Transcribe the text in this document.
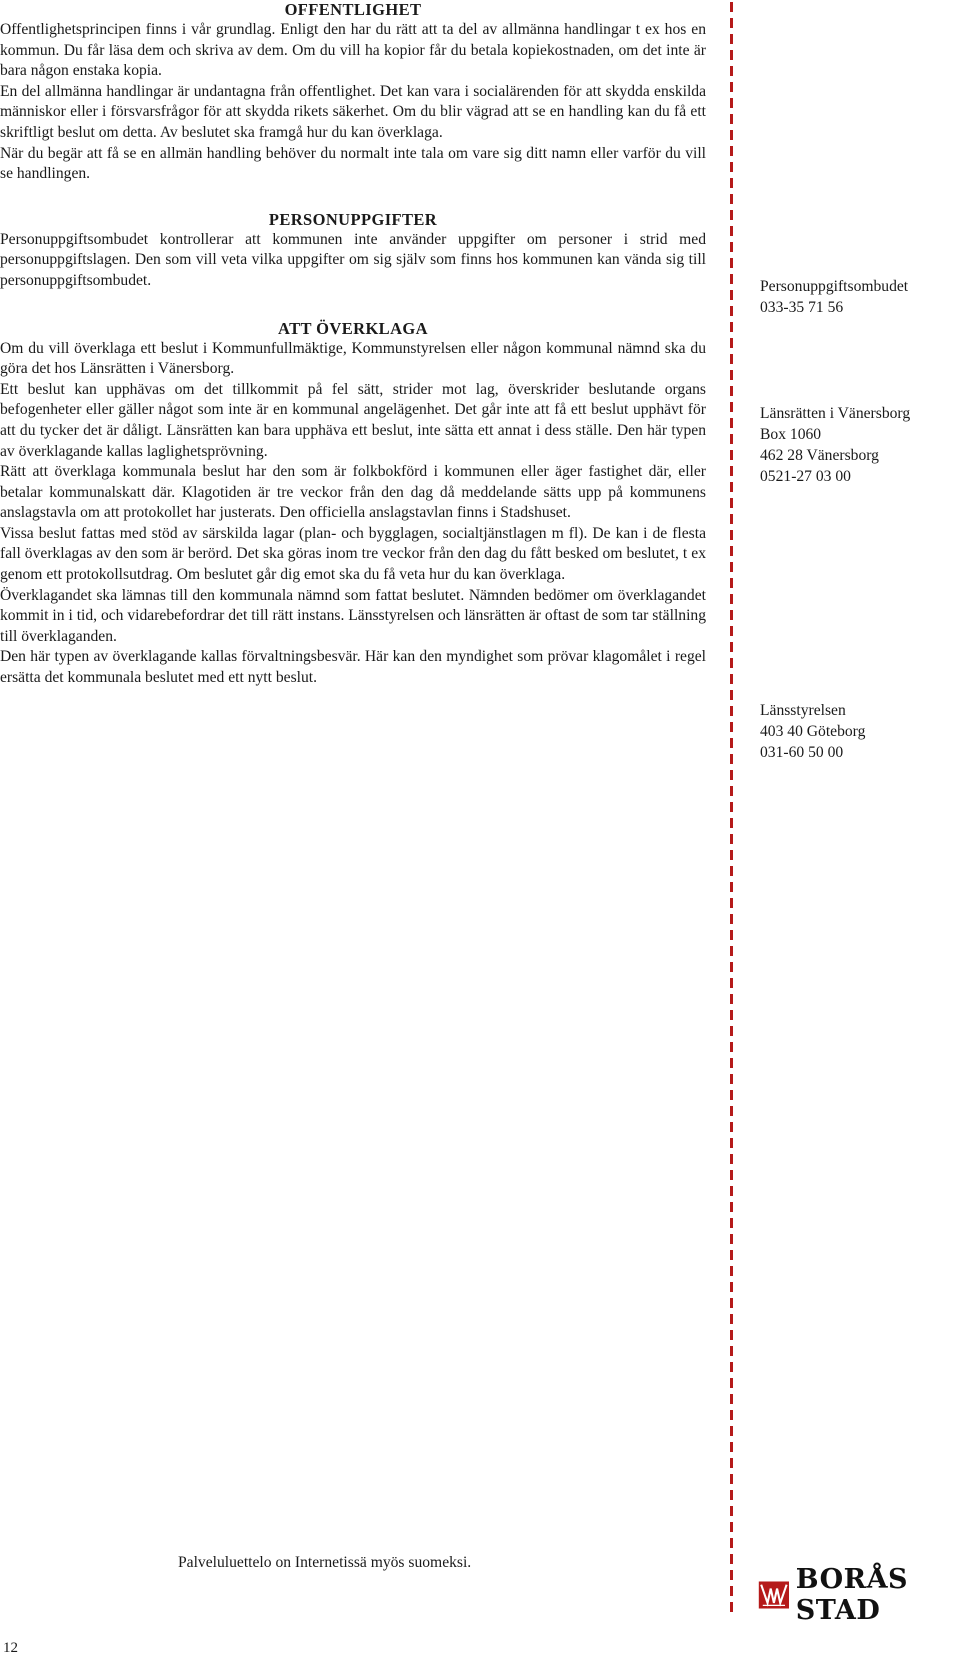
OFFENTLIGHET

Offentlighetsprincipen finns i vår grundlag. Enligt den har du rätt att ta del av allmänna handlingar t ex hos en kommun. Du får läsa dem och skriva av dem. Om du vill ha kopior får du betala kopiekostnaden, om det inte är bara någon enstaka kopia.

En del allmänna handlingar är undantagna från offentlighet. Det kan vara i socialärenden för att skydda enskilda människor eller i försvarsfrågor för att skydda rikets säkerhet. Om du blir vägrad att se en handling kan du få ett skriftligt beslut om detta. Av beslutet ska framgå hur du kan överklaga.

När du begär att få se en allmän handling behöver du normalt inte tala om vare sig ditt namn eller varför du vill se handlingen.

PERSONUPPGIFTER

Personuppgiftsombudet kontrollerar att kommunen inte använder uppgifter om personer i strid med personuppgiftslagen. Den som vill veta vilka uppgifter om sig själv som finns hos kommunen kan vända sig till personuppgiftsombudet.

ATT ÖVERKLAGA

Om du vill överklaga ett beslut i Kommunfullmäktige, Kommunstyrelsen eller någon kommunal nämnd ska du göra det hos Länsrätten i Vänersborg.

Ett beslut kan upphävas om det tillkommit på fel sätt, strider mot lag, överskrider beslutande organs befogenheter eller gäller något som inte är en kommunal angelägenhet. Det går inte att få ett beslut upphävt för att du tycker det är dåligt. Länsrätten kan bara upphäva ett beslut, inte sätta ett annat i dess ställe. Den här typen av överklagande kallas laglighetsprövning.

Rätt att överklaga kommunala beslut har den som är folkbokförd i kommunen eller äger fastighet där, eller betalar kommunalskatt där. Klagotiden är tre veckor från den dag då meddelande sätts upp på kommunens anslagstavla om att protokollet har justerats. Den officiella anslagstavlan finns i Stadshuset.

Vissa beslut fattas med stöd av särskilda lagar (plan- och bygglagen, socialtjänstlagen m fl). De kan i de flesta fall överklagas av den som är berörd. Det ska göras inom tre veckor från den dag du fått besked om beslutet, t ex genom ett protokollsutdrag. Om beslutet går dig emot ska du få veta hur du kan överklaga.

Överklagandet ska lämnas till den kommunala nämnd som fattat beslutet. Nämnden bedömer om överklagandet kommit in i tid, och vidarebefordrar det till rätt instans. Länsstyrelsen och länsrätten är oftast de som tar ställning till överklaganden.

Den här typen av överklagande kallas förvaltningsbesvär. Här kan den myndighet som prövar klagomålet i regel ersätta det kommunala beslutet med ett nytt beslut.

Personuppgiftsombudet
033-35 71 56
Länsrätten i Vänersborg
Box 1060
462 28 Vänersborg
0521-27 03 00
Länsstyrelsen
403 40 Göteborg
031-60 50 00
Palveluluettelo on Internetissä myös suomeksi.
BORÅS STAD
12
